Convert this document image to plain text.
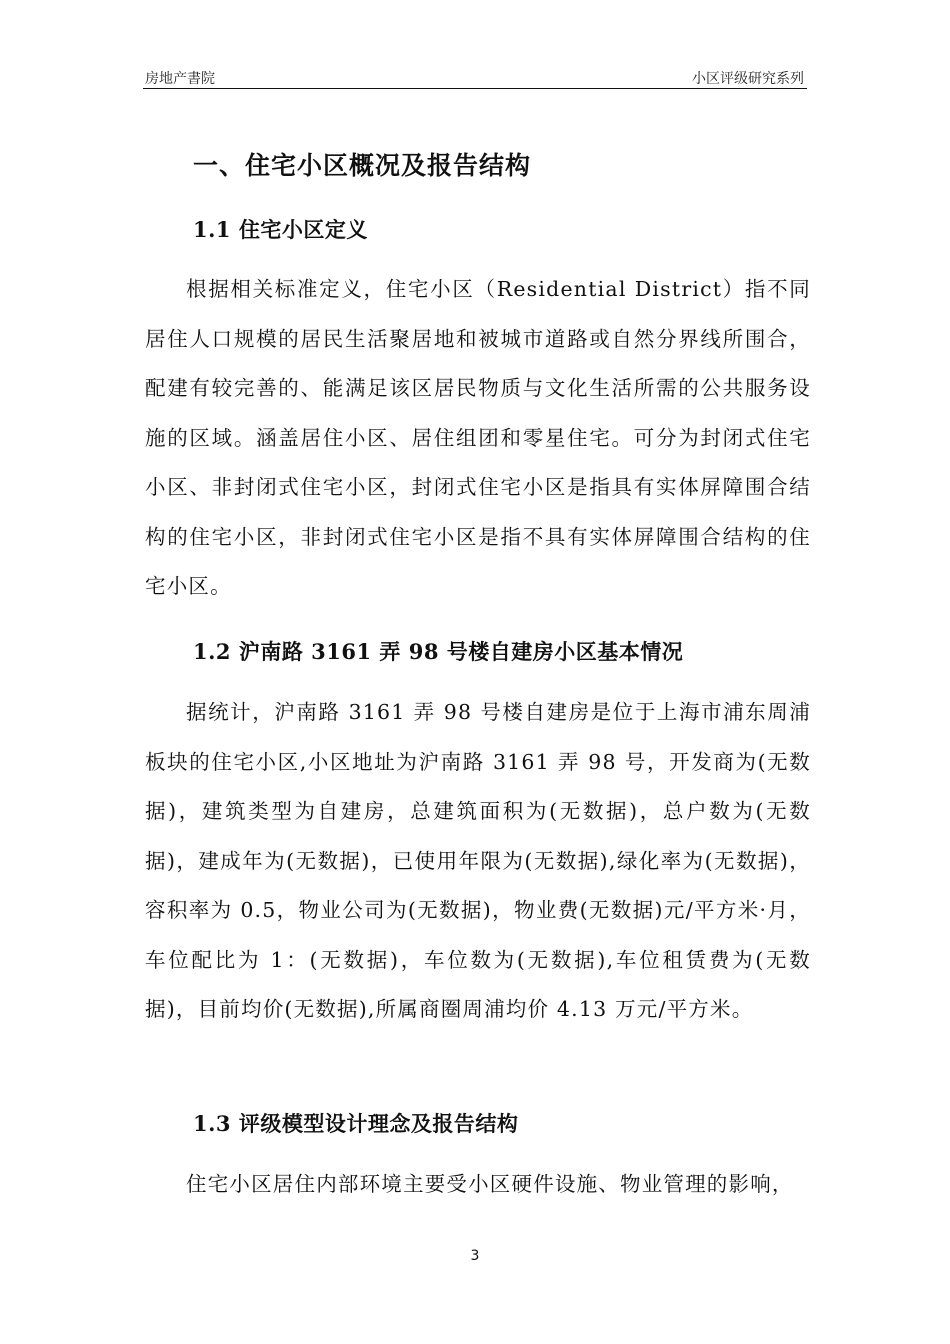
房地产書院	小区评级研究系列
一、住宅小区概况及报告结构
1.1 住宅小区定义
根据相关标准定义，住宅小区（Residential District）指不同居住人口规模的居民生活聚居地和被城市道路或自然分界线所围合，配建有较完善的、能满足该区居民物质与文化生活所需的公共服务设施的区域。涵盖居住小区、居住组团和零星住宅。可分为封闭式住宅小区、非封闭式住宅小区，封闭式住宅小区是指具有实体屏障围合结构的住宅小区，非封闭式住宅小区是指不具有实体屏障围合结构的住宅小区。
1.2 沪南路 3161 弄 98 号楼自建房小区基本情况
据统计，沪南路 3161 弄 98 号楼自建房是位于上海市浦东周浦板块的住宅小区,小区地址为沪南路 3161 弄 98 号，开发商为(无数据)，建筑类型为自建房，总建筑面积为(无数据)，总户数为(无数据)，建成年为(无数据)，已使用年限为(无数据),绿化率为(无数据)，容积率为 0.5，物业公司为(无数据)，物业费(无数据)元/平方米·月，车位配比为 1：(无数据)，车位数为(无数据),车位租赁费为(无数据)，目前均价(无数据),所属商圈周浦均价 4.13 万元/平方米。
1.3 评级模型设计理念及报告结构
住宅小区居住内部环境主要受小区硬件设施、物业管理的影响，
3
